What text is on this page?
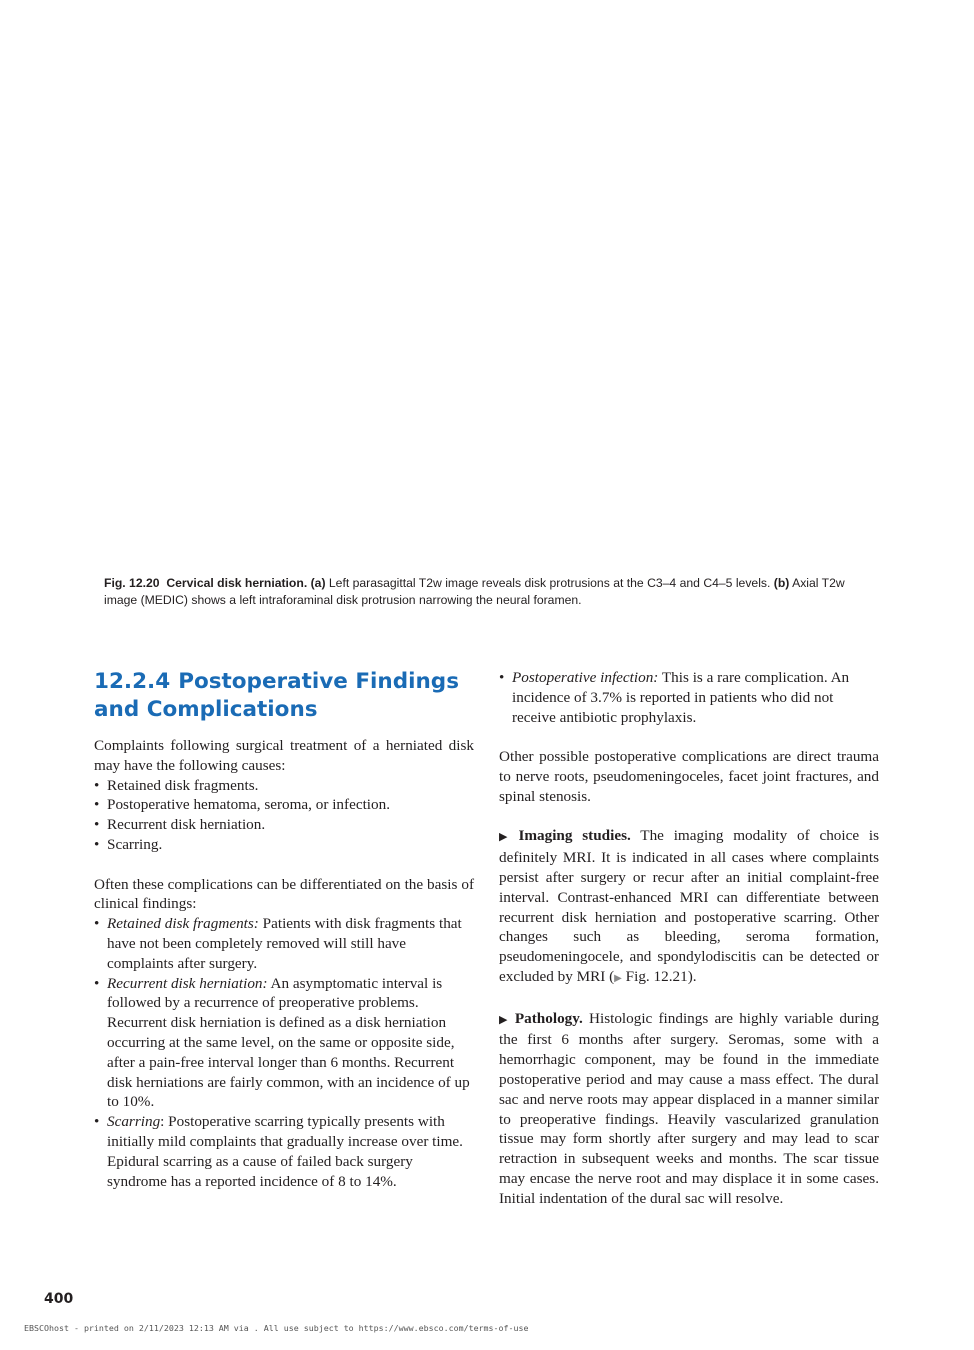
Fig. 12.20 Cervical disk herniation. (a) Left parasagittal T2w image reveals disk protrusions at the C3–4 and C4–5 levels. (b) Axial T2w image (MEDIC) shows a left intraforaminal disk protrusion narrowing the neural foramen.
12.2.4 Postoperative Findings and Complications

Complaints following surgical treatment of a herniated disk may have the following causes:

• Retained disk fragments.
• Postoperative hematoma, seroma, or infection.
• Recurrent disk herniation.
• Scarring.

Often these complications can be differentiated on the basis of clinical findings:

• Retained disk fragments: Patients with disk fragments that have not been completely removed will still have complaints after surgery.
• Recurrent disk herniation: An asymptomatic interval is followed by a recurrence of preoperative problems. Recurrent disk herniation is defined as a disk herniation occurring at the same level, on the same or opposite side, after a pain-free interval longer than 6 months. Recurrent disk herniations are fairly common, with an incidence of up to 10%.
• Scarring: Postoperative scarring typically presents with initially mild complaints that gradually increase over time. Epidural scarring as a cause of failed back surgery syndrome has a reported incidence of 8 to 14%.
• Postoperative infection: This is a rare complication. An incidence of 3.7% is reported in patients who did not receive antibiotic prophylaxis.

Other possible postoperative complications are direct trauma to nerve roots, pseudomeningoceles, facet joint fractures, and spinal stenosis.

▶ Imaging studies. The imaging modality of choice is definitely MRI. It is indicated in all cases where complaints persist after surgery or recur after an initial complaint-free interval. Contrast-enhanced MRI can differentiate between recurrent disk herniation and postoperative scarring. Other changes such as bleeding, seroma formation, pseudomeningocele, and spondylodiscitis can be detected or excluded by MRI (▶ Fig. 12.21).

▶ Pathology. Histologic findings are highly variable during the first 6 months after surgery. Seromas, some with a hemorrhagic component, may be found in the immediate postoperative period and may cause a mass effect. The dural sac and nerve roots may appear displaced in a manner similar to preoperative findings. Heavily vascularized granulation tissue may form shortly after surgery and may lead to scar retraction in subsequent weeks and months. The scar tissue may encase the nerve root and may displace it in some cases. Initial indentation of the dural sac will resolve.

400
EBSCOhost - printed on 2/11/2023 12:13 AM via . All use subject to https://www.ebsco.com/terms-of-use
